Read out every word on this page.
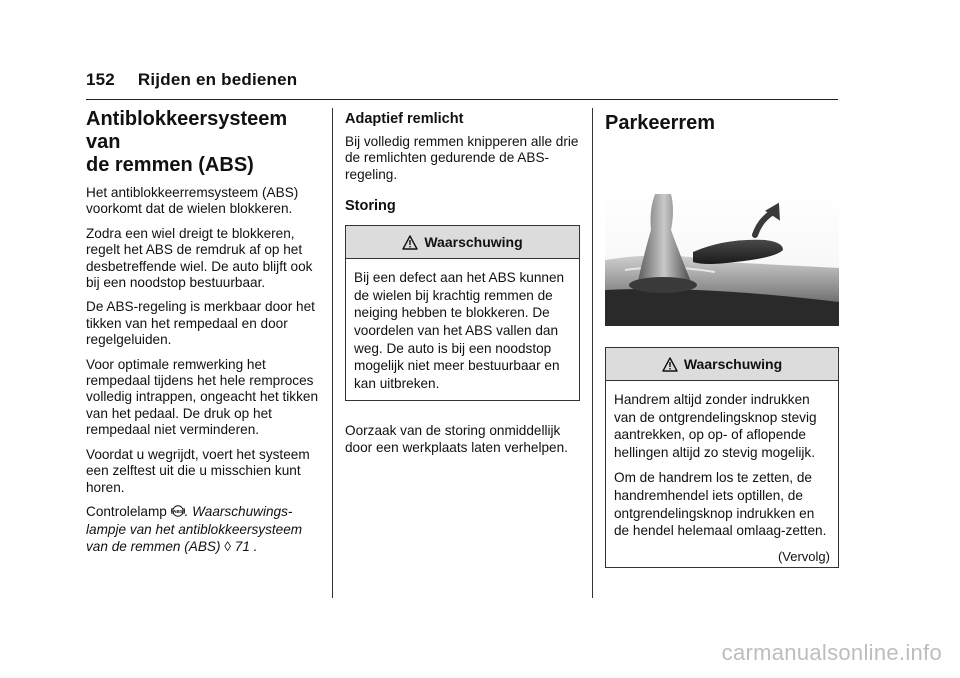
152 Rijden en bedienen
Antiblokkeersysteem van
de remmen (ABS)

Het antiblokkeerremsysteem (ABS) voorkomt dat de wielen blokkeren.

Zodra een wiel dreigt te blokkeren, regelt het ABS de remdruk af op het desbetreffende wiel. De auto blijft ook bij een noodstop bestuurbaar.

De ABS-regeling is merkbaar door het tikken van het rempedaal en door regelgeluiden.

Voor optimale remwerking het rempedaal tijdens het hele remproces volledig intrappen, ongeacht het tikken van het pedaal. De druk op het rempedaal niet verminderen.

Voordat u wegrijdt, voert het systeem een zelftest uit die u misschien kunt horen.

Controlelamp ABS . Waarschuwings-lampje van het antiblokkeersysteem van de remmen (ABS) ◊ 71 .

Adaptief remlicht

Bij volledig remmen knipperen alle drie de remlichten gedurende de ABS-regeling.

Storing
Waarschuwing

Bij een defect aan het ABS kunnen de wielen bij krachtig remmen de neiging hebben te blokkeren. De voordelen van het ABS vallen dan weg. De auto is bij een noodstop mogelijk niet meer bestuurbaar en kan uitbreken.

Oorzaak van de storing onmiddellijk door een werkplaats laten verhelpen.

Parkeerrem
Waarschuwing

Handrem altijd zonder indrukken van de ontgrendelingsknop stevig aantrekken, op op- of aflopende hellingen altijd zo stevig mogelijk.

Om de handrem los te zetten, de handremhendel iets optillen, de ontgrendelingsknop indrukken en de hendel helemaal omlaag-zetten.

(Vervolg)
carmanualsonline.info
